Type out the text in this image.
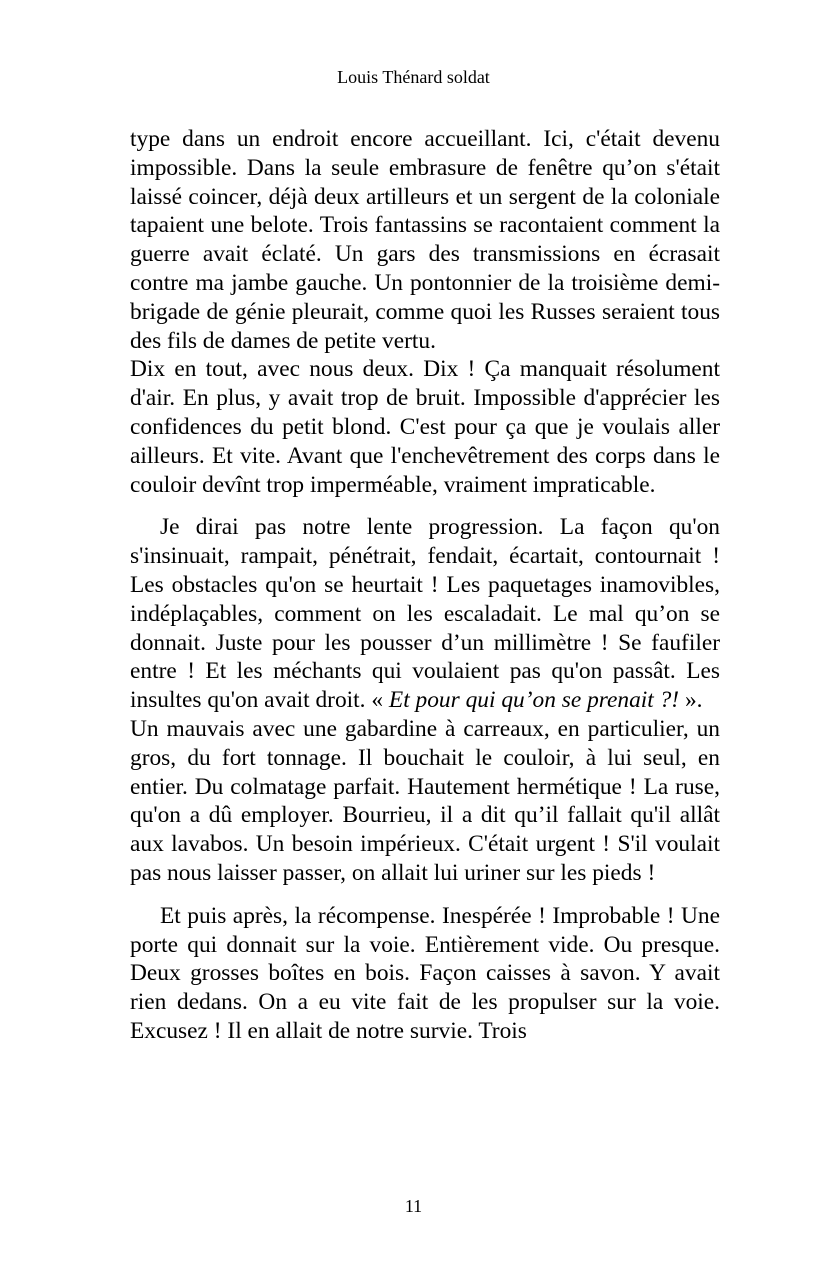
Louis Thénard soldat

type dans un endroit encore accueillant. Ici, c'était devenu impossible. Dans la seule embrasure de fenêtre qu’on s'était laissé coincer, déjà deux artilleurs et un sergent de la coloniale tapaient une belote. Trois fantassins se racontaient comment la guerre avait éclaté. Un gars des transmissions en écrasait contre ma jambe gauche. Un pontonnier de la troisième demi-brigade de génie pleurait, comme quoi les Russes seraient tous des fils de dames de petite vertu.

Dix en tout, avec nous deux. Dix ! Ça manquait résolument d'air. En plus, y avait trop de bruit. Impossible d'apprécier les confidences du petit blond. C'est pour ça que je voulais aller ailleurs. Et vite. Avant que l'enchevêtrement des corps dans le couloir devînt trop imperméable, vraiment impraticable.

Je dirai pas notre lente progression. La façon qu'on s'insinuait, rampait, pénétrait, fendait, écartait, contournait ! Les obstacles qu'on se heurtait ! Les paquetages inamovibles, indéplaçables, comment on les escaladait. Le mal qu’on se donnait. Juste pour les pousser d’un millimètre ! Se faufiler entre ! Et les méchants qui voulaient pas qu'on passât. Les insultes qu'on avait droit. « Et pour qui qu’on se prenait ?! ».

Un mauvais avec une gabardine à carreaux, en particulier, un gros, du fort tonnage. Il bouchait le couloir, à lui seul, en entier. Du colmatage parfait. Hautement hermétique ! La ruse, qu'on a dû employer. Bourrieu, il a dit qu’il fallait qu'il allât aux lavabos. Un besoin impérieux. C'était urgent ! S'il voulait pas nous laisser passer, on allait lui uriner sur les pieds !

Et puis après, la récompense. Inespérée ! Improbable ! Une porte qui donnait sur la voie. Entièrement vide. Ou presque. Deux grosses boîtes en bois. Façon caisses à savon. Y avait rien dedans. On a eu vite fait de les propulser sur la voie. Excusez ! Il en allait de notre survie. Trois

11
